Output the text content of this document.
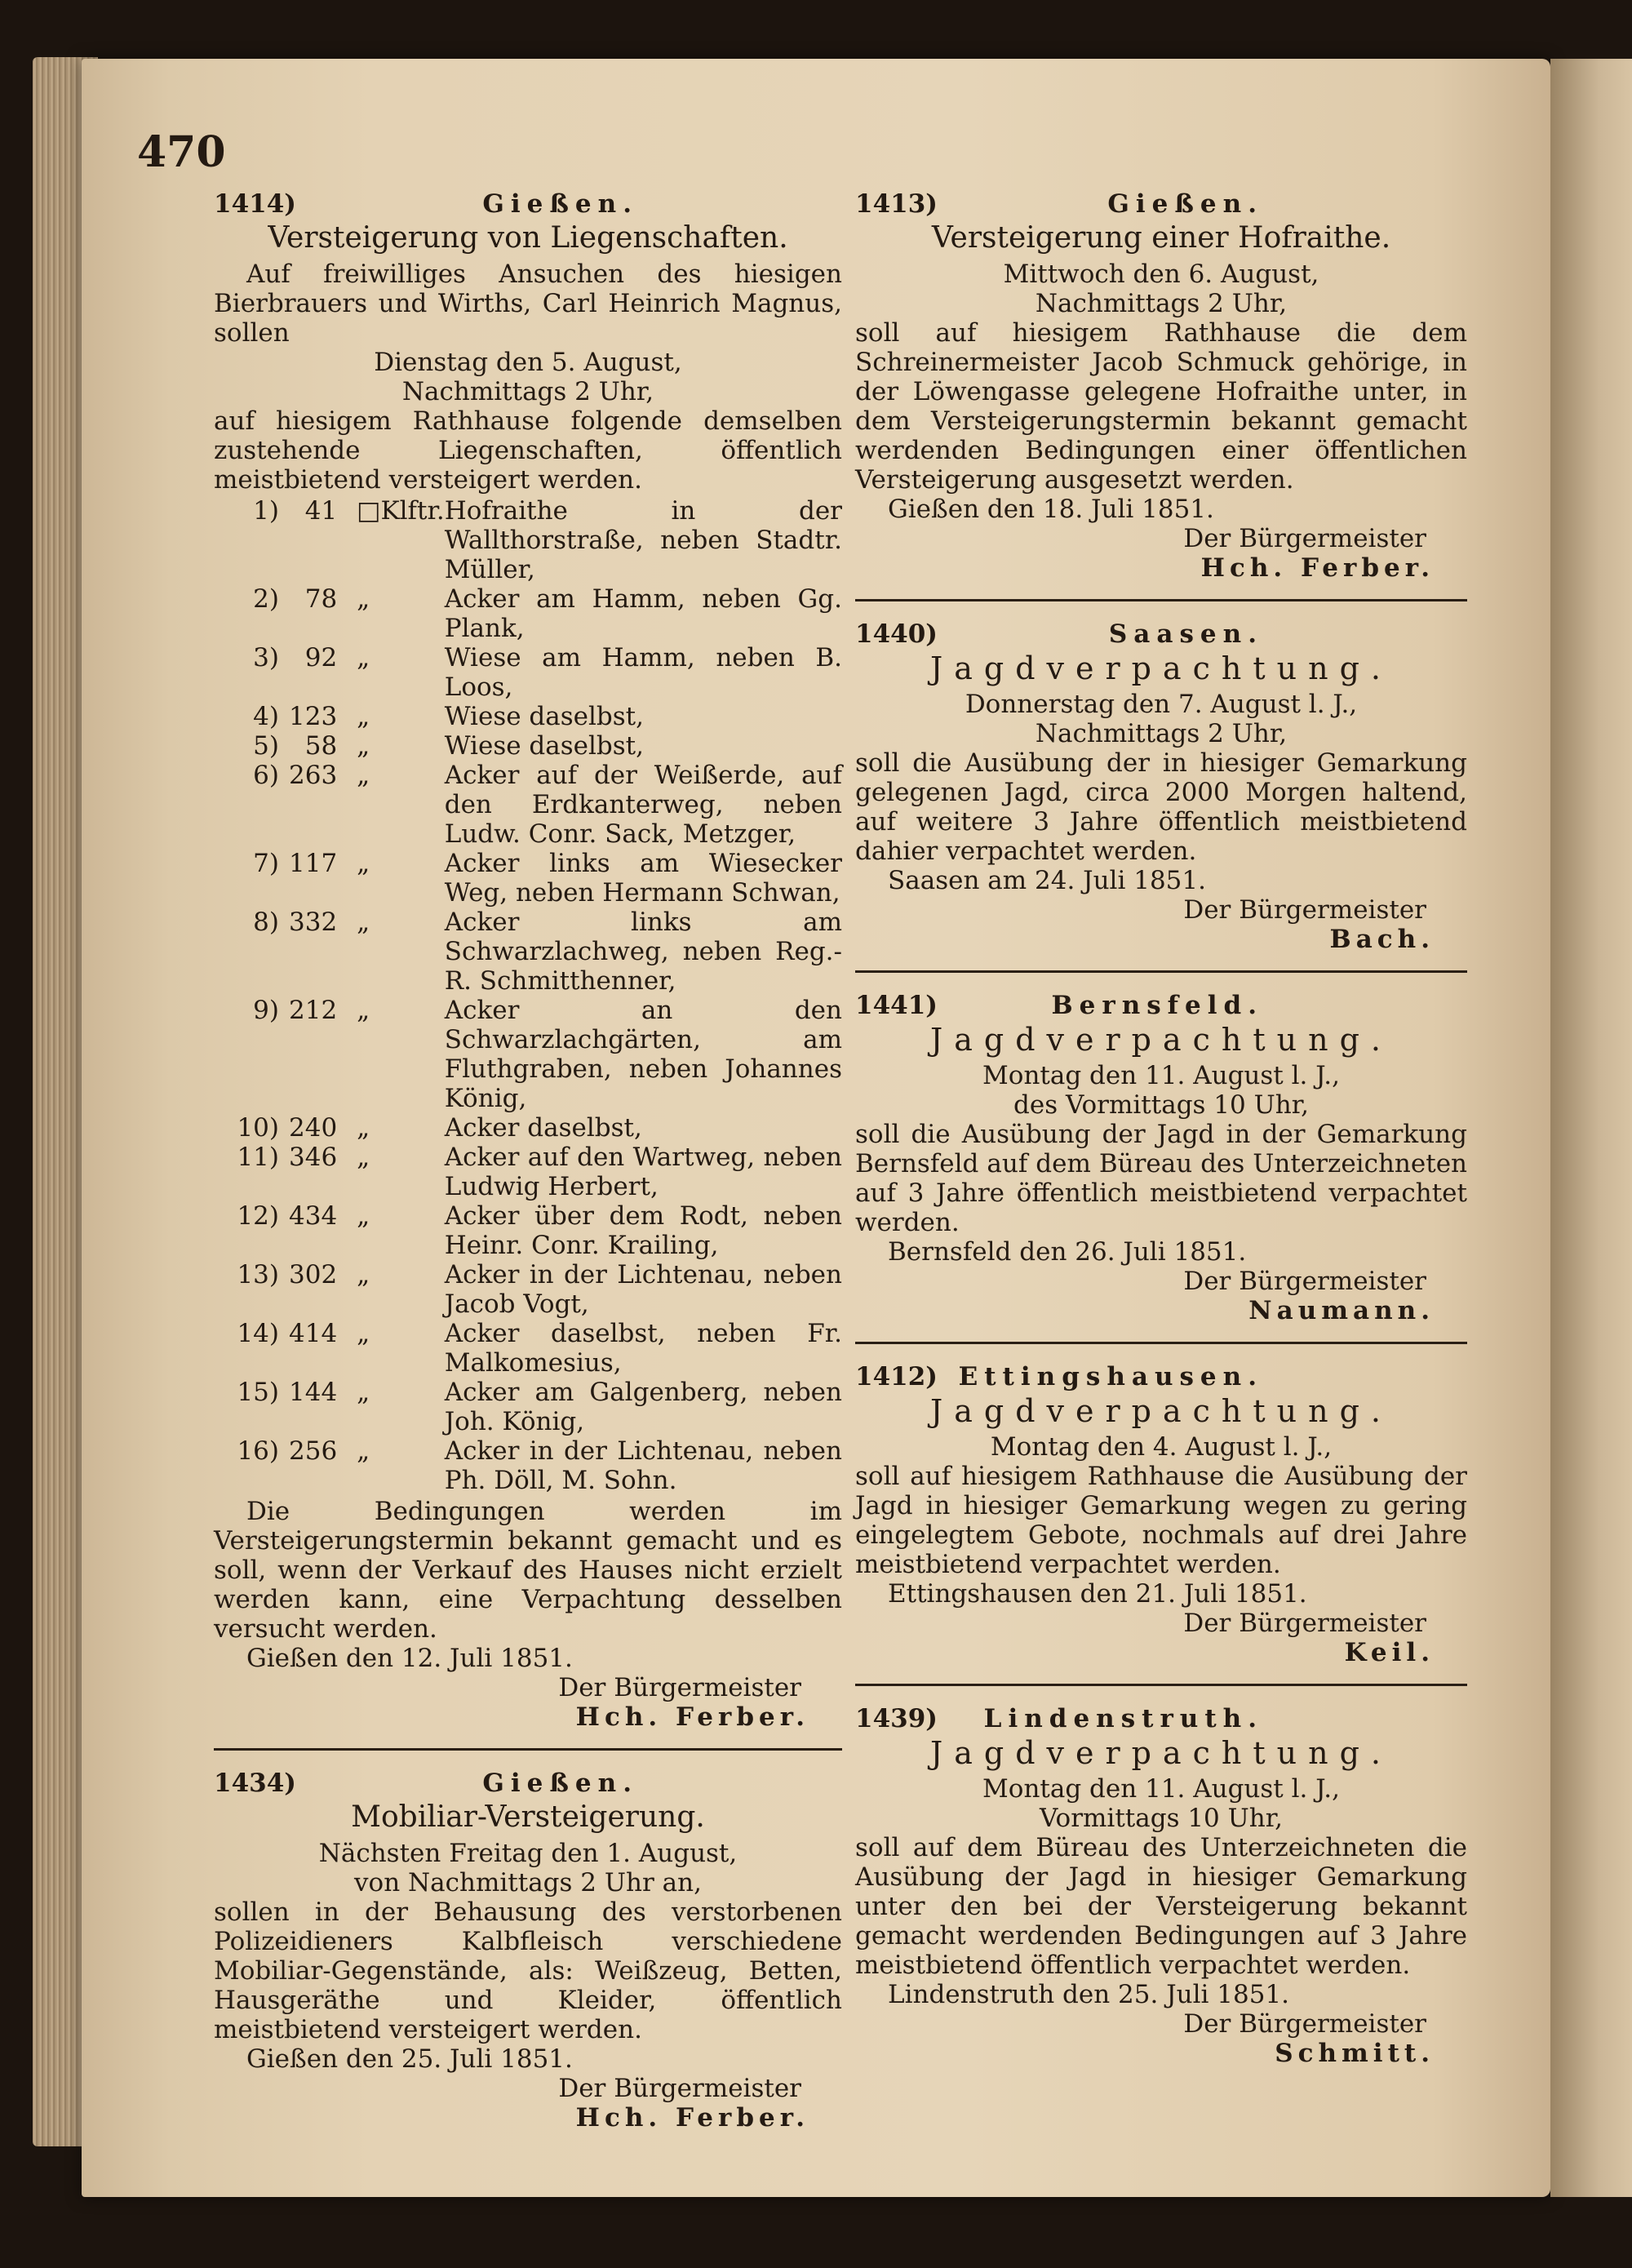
470
1414)	Gießen.
Versteigerung von Liegenschaften.
Auf freiwilliges Ansuchen des hiesigen Bierbrauers und Wirths, Carl Heinrich Magnus, sollen
Dienstag den 5. August,
Nachmittags 2 Uhr,
auf hiesigem Rathhause folgende demselben zustehende Liegenschaften, öffentlich meistbietend versteigert werden.
1)	41	□Klftr.	Hofraithe in der Wallthorstraße, neben Stadtr. Müller,
2)	78	„	Acker am Hamm, neben Gg. Plank,
3)	92	„	Wiese am Hamm, neben B. Loos,
4)	123	„	Wiese daselbst,
5)	58	„	Wiese daselbst,
6)	263	„	Acker auf der Weißerde, auf den Erdkanterweg, neben Ludw. Conr. Sack, Metzger,
7)	117	„	Acker links am Wiesecker Weg, neben Hermann Schwan,
8)	332	„	Acker links am Schwarzlachweg, neben Reg.-R. Schmitthenner,
9)	212	„	Acker an den Schwarzlachgärten, am Fluthgraben, neben Johannes König,
10)	240	„	Acker daselbst,
11)	346	„	Acker auf den Wartweg, neben Ludwig Herbert,
12)	434	„	Acker über dem Rodt, neben Heinr. Conr. Krailing,
13)	302	„	Acker in der Lichtenau, neben Jacob Vogt,
14)	414	„	Acker daselbst, neben Fr. Malkomesius,
15)	144	„	Acker am Galgenberg, neben Joh. König,
16)	256	„	Acker in der Lichtenau, neben Ph. Döll, M. Sohn.
Die Bedingungen werden im Versteigerungstermin bekannt gemacht und es soll, wenn der Verkauf des Hauses nicht erzielt werden kann, eine Verpachtung desselben versucht werden.
Gießen den 12. Juli 1851.
Der Bürgermeister
Hch. Ferber.
1434)	Gießen.
Mobiliar-Versteigerung.
Nächsten Freitag den 1. August,
von Nachmittags 2 Uhr an,
sollen in der Behausung des verstorbenen Polizeidieners Kalbfleisch verschiedene Mobiliar-Gegenstände, als: Weißzeug, Betten, Hausgeräthe und Kleider, öffentlich meistbietend versteigert werden.
Gießen den 25. Juli 1851.
Der Bürgermeister
Hch. Ferber.
1413)	Gießen.
Versteigerung einer Hofraithe.
Mittwoch den 6. August,
Nachmittags 2 Uhr,
soll auf hiesigem Rathhause die dem Schreinermeister Jacob Schmuck gehörige, in der Löwengasse gelegene Hofraithe unter, in dem Versteigerungstermin bekannt gemacht werdenden Bedingungen einer öffentlichen Versteigerung ausgesetzt werden.
Gießen den 18. Juli 1851.
Der Bürgermeister
Hch. Ferber.
1440)	Saasen.
Jagdverpachtung.
Donnerstag den 7. August l. J.,
Nachmittags 2 Uhr,
soll die Ausübung der in hiesiger Gemarkung gelegenen Jagd, circa 2000 Morgen haltend, auf weitere 3 Jahre öffentlich meistbietend dahier verpachtet werden.
Saasen am 24. Juli 1851.
Der Bürgermeister
Bach.
1441)	Bernsfeld.
Jagdverpachtung.
Montag den 11. August l. J.,
des Vormittags 10 Uhr,
soll die Ausübung der Jagd in der Gemarkung Bernsfeld auf dem Büreau des Unterzeichneten auf 3 Jahre öffentlich meistbietend verpachtet werden.
Bernsfeld den 26. Juli 1851.
Der Bürgermeister
Naumann.
1412) Ettingshausen.
Jagdverpachtung.
Montag den 4. August l. J.,
soll auf hiesigem Rathhause die Ausübung der Jagd in hiesiger Gemarkung wegen zu gering eingelegtem Gebote, nochmals auf drei Jahre meistbietend verpachtet werden.
Ettingshausen den 21. Juli 1851.
Der Bürgermeister
Keil.
1439) Lindenstruth.
Jagdverpachtung.
Montag den 11. August l. J.,
Vormittags 10 Uhr,
soll auf dem Büreau des Unterzeichneten die Ausübung der Jagd in hiesiger Gemarkung unter den bei der Versteigerung bekannt gemacht werdenden Bedingungen auf 3 Jahre meistbietend öffentlich verpachtet werden.
Lindenstruth den 25. Juli 1851.
Der Bürgermeister
Schmitt.
